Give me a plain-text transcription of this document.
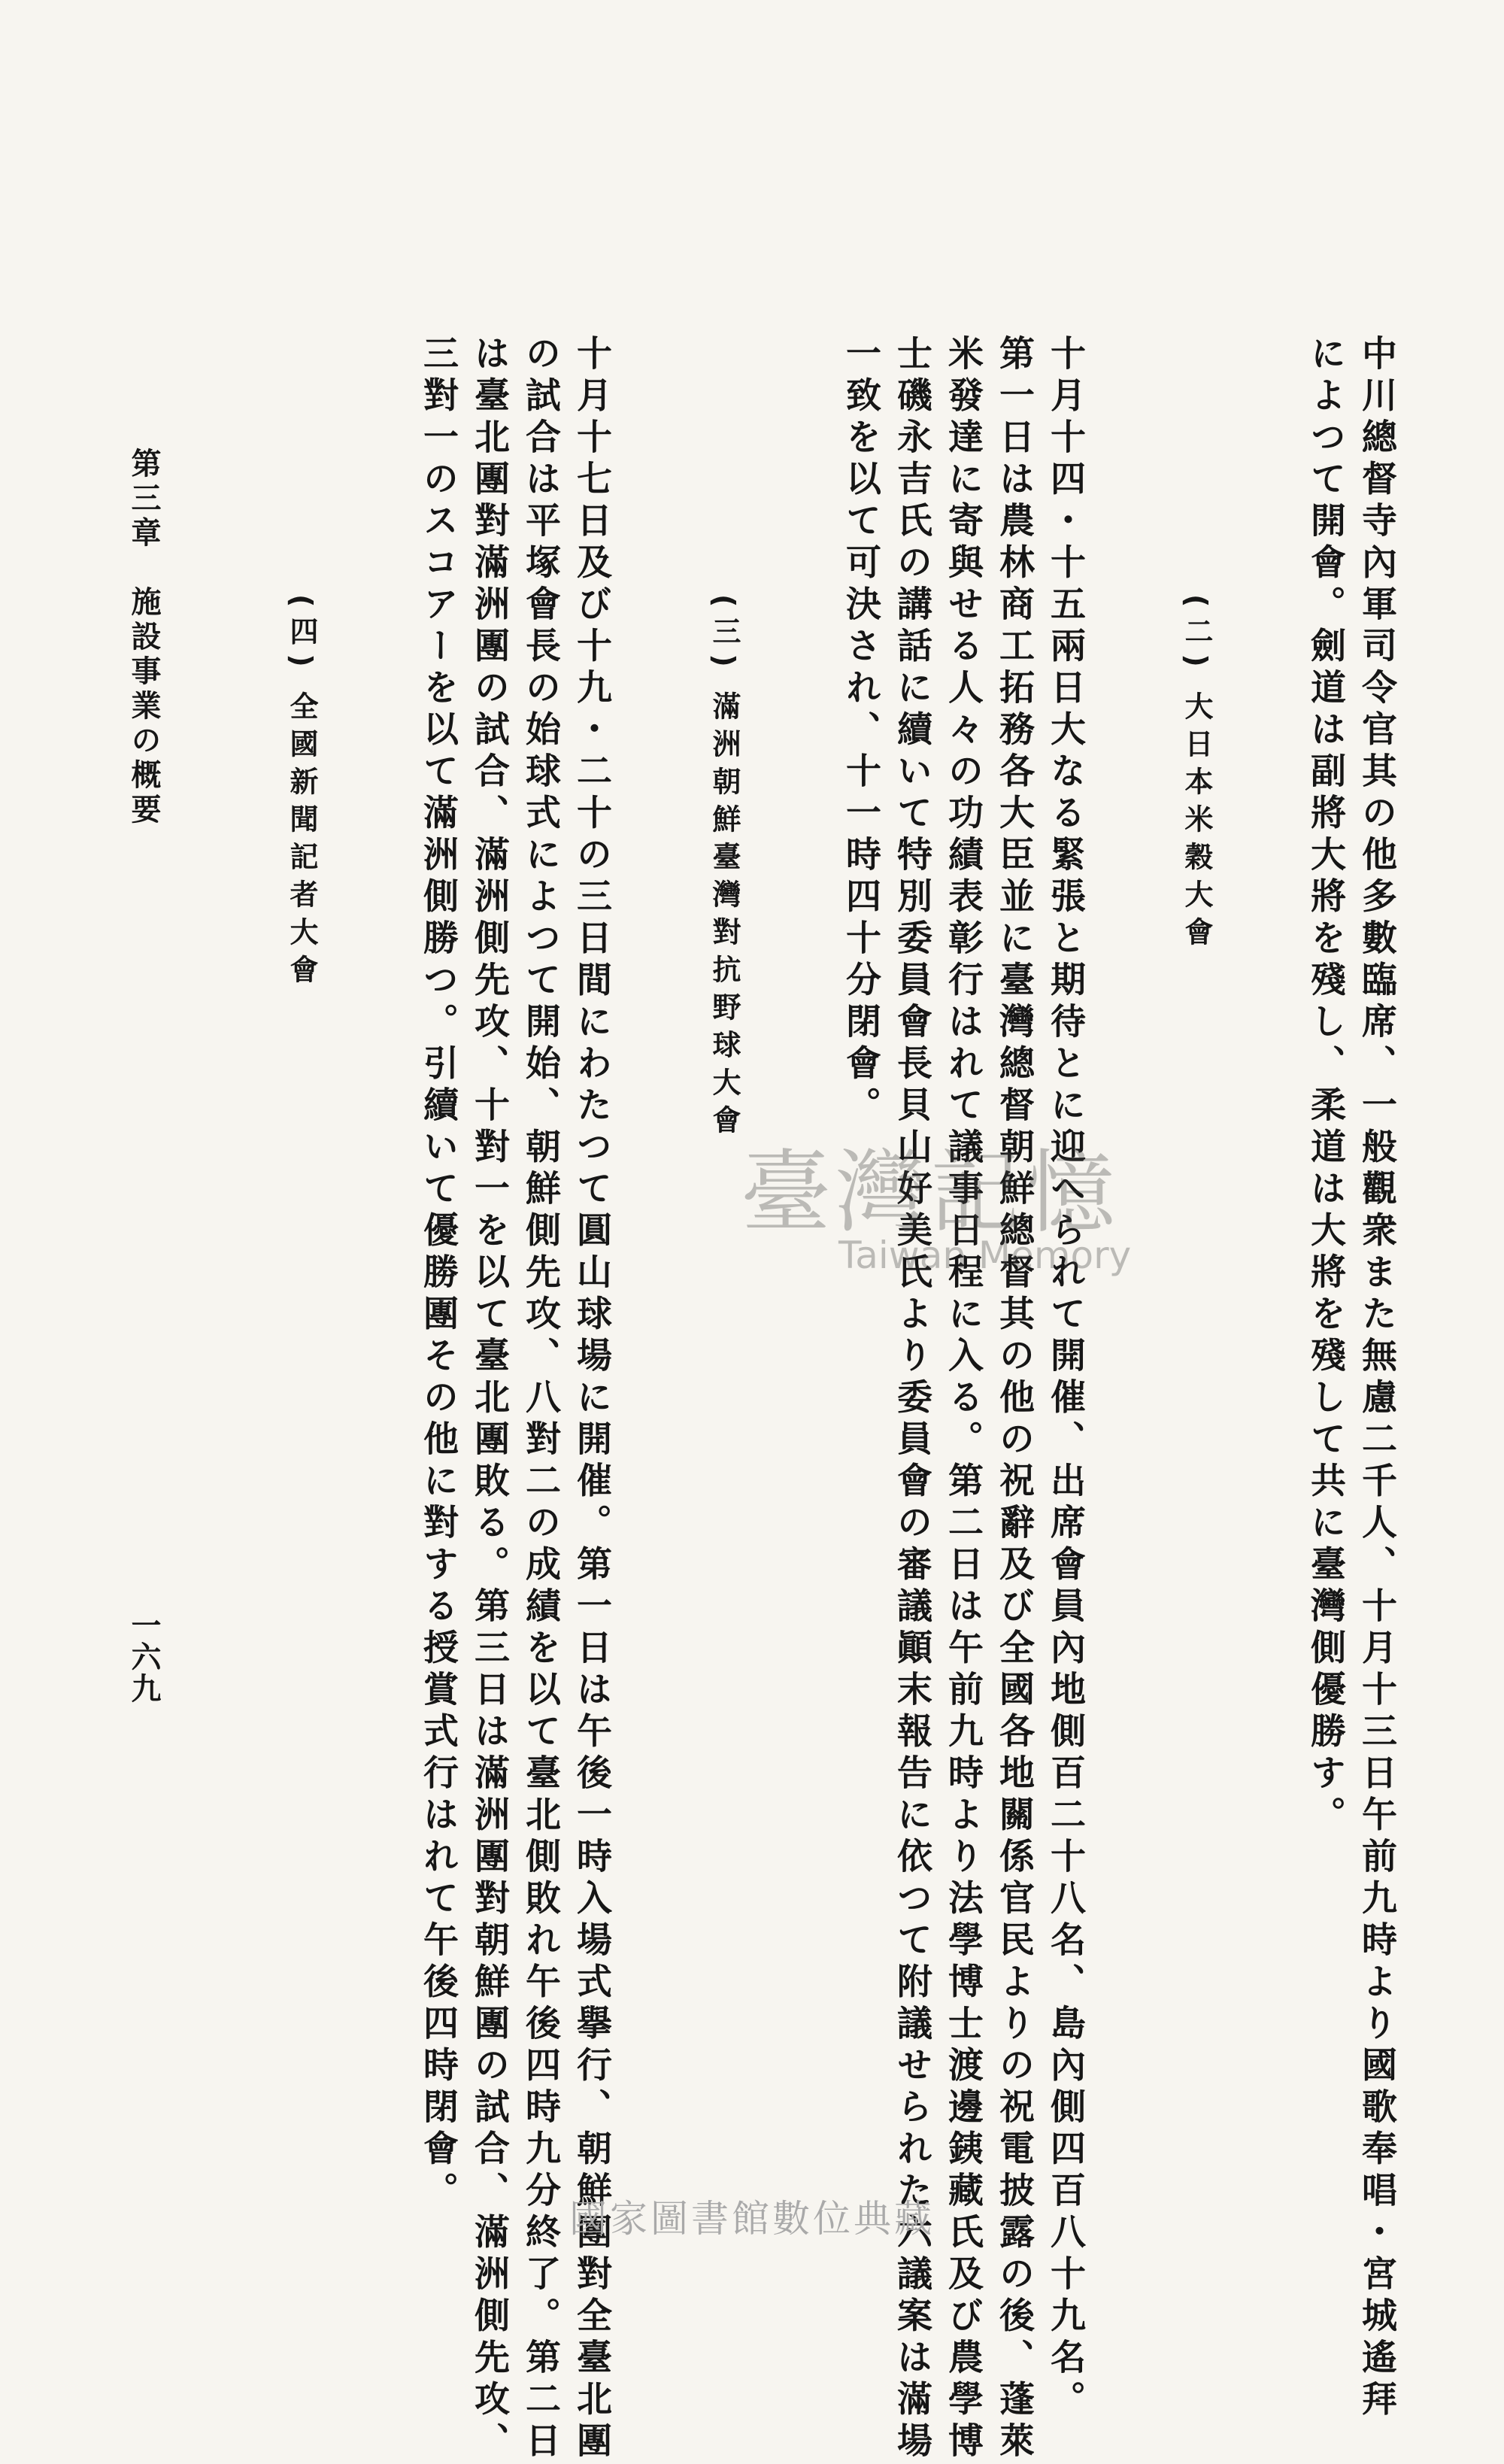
中川總督寺內軍司令官其の他多數臨席、一般觀衆また無慮二千人、十月十三日午前九時より國歌奉唱・宮城遙拜
によつて開會。劍道は副將大將を殘し、柔道は大將を殘して共に臺灣側優勝す。
(二)大日本米穀大會
十月十四・十五兩日大なる緊張と期待とに迎へられて開催、出席會員內地側百二十八名、島內側四百八十九名。
第一日は農林商工拓務各大臣並に臺灣總督朝鮮總督其の他の祝辭及び全國各地關係官民よりの祝電披露の後、蓬萊
米發達に寄與せる人々の功績表彰行はれて議事日程に入る。第二日は午前九時より法學博士渡邊銕藏氏及び農學博
士磯永吉氏の講話に續いて特別委員會長貝山好美氏より委員會の審議顚末報告に依つて附議せられた六議案は滿場
一致を以て可決され、十一時四十分閉會。
(三)滿洲朝鮮臺灣對抗野球大會
十月十七日及び十九・二十の三日間にわたつて圓山球場に開催。第一日は午後一時入場式擧行、朝鮮團對全臺北團
の試合は平塚會長の始球式によつて開始、朝鮮側先攻、八對二の成績を以て臺北側敗れ午後四時九分終了。第二日
は臺北團對滿洲團の試合、滿洲側先攻、十對一を以て臺北團敗る。第三日は滿洲團對朝鮮團の試合、滿洲側先攻、
三對一のスコアーを以て滿洲側勝つ。引續いて優勝團その他に對する授賞式行はれて午後四時閉會。
(四)全國新聞記者大會
第三章　施設事業の概要
一六九
臺灣記憶
Taiwan Memory
國家圖書館數位典藏
